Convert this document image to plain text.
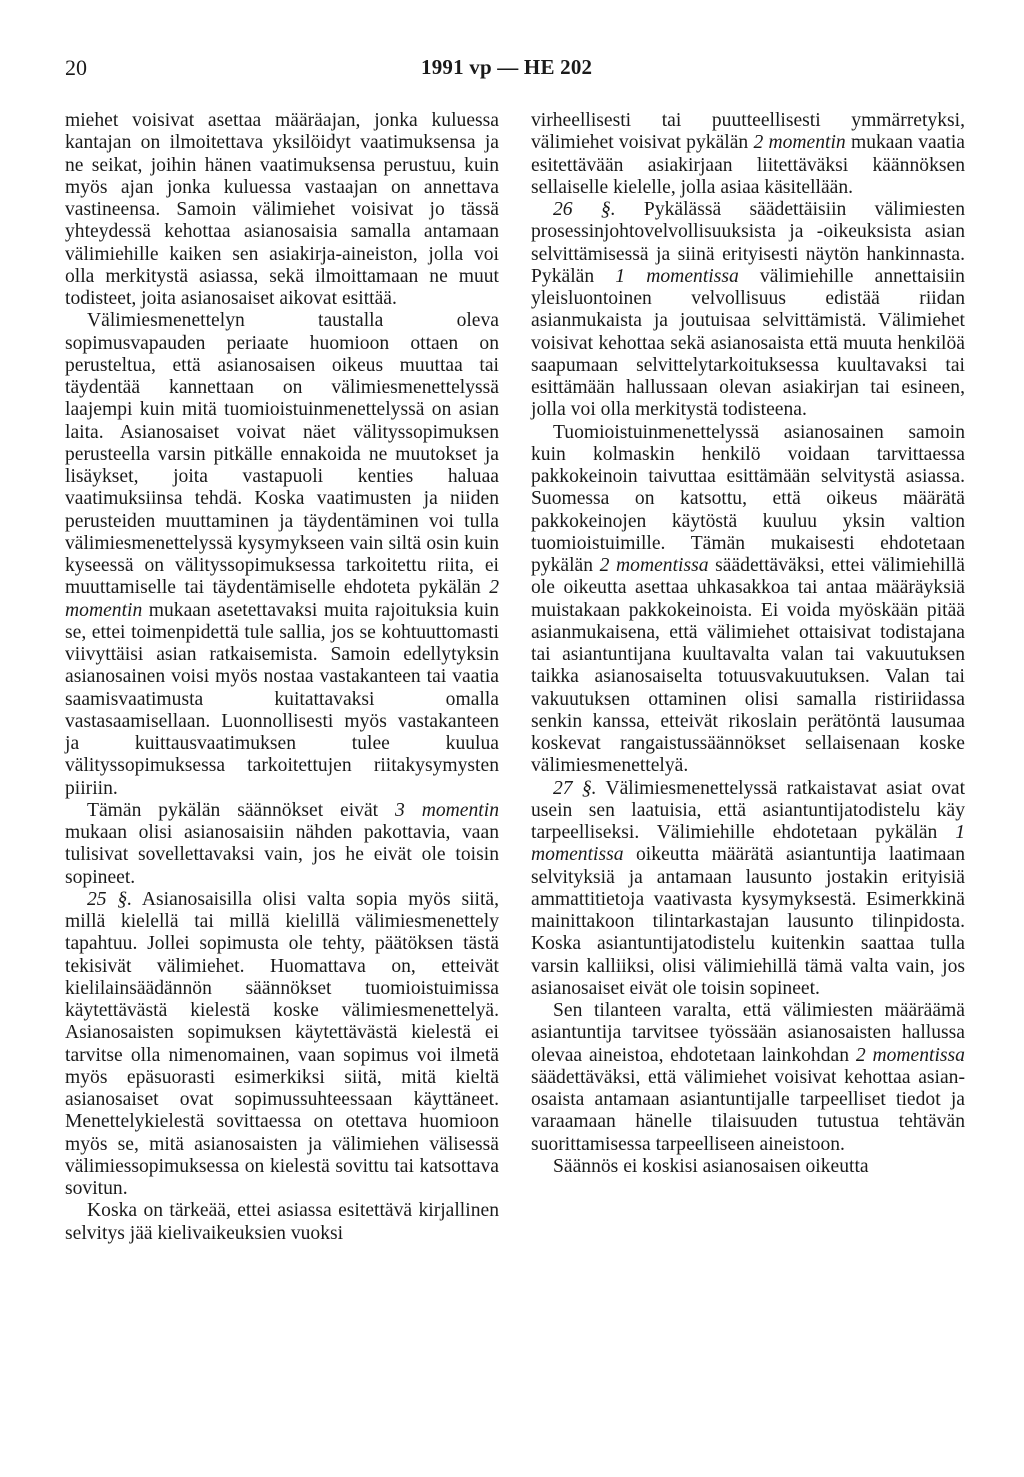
20	1991 vp — HE 202

miehet voisivat asettaa määräajan, jonka kuluessa kantajan on ilmoitettava yksilöidyt vaatimuksensa ja ne seikat, joihin hänen vaatimuksensa perustuu, kuin myös ajan jonka kuluessa vastaajan on annettava vastineensa. Samoin välimiehet voisivat jo tässä yhteydessä kehottaa asianosaisia samalla antamaan välimiehille kaiken sen asiakirja-aineiston, jolla voi olla merkitystä asiassa, sekä ilmoittamaan ne muut todisteet, joita asianosaiset aikovat esittää.

Välimiesmenettelyn taustalla oleva sopimusvapauden periaate huomioon ottaen on perusteltua, että asianosaisen oikeus muuttaa tai täydentää kannettaan on välimiesmenettelyssä laajempi kuin mitä tuomioistuinmenettelyssä on asian laita. Asianosaiset voivat näet välityssopimuksen perusteella varsin pitkälle ennakoida ne muutokset ja lisäykset, joita vastapuoli kenties haluaa vaatimuksiinsa tehdä. Koska vaatimusten ja niiden perusteiden muuttaminen ja täydentäminen voi tulla välimiesmenettelyssä kysymykseen vain siltä osin kuin kyseessä on välityssopimuksessa tarkoitettu riita, ei muuttamiselle tai täydentämiselle ehdoteta pykälän 2 momentin mukaan asetettavaksi muita rajoituksia kuin se, ettei toimenpidettä tule sallia, jos se kohtuuttomasti viivyttäisi asian ratkaisemista. Samoin edellytyksin asianosainen voisi myös nostaa vastakanteen tai vaatia saamisvaatimusta kuitattavaksi omalla vastasaamisellaan. Luonnollisesti myös vastakanteen ja kuittausvaatimuksen tulee kuulua välityssopimuksessa tarkoitettujen riitakysymysten piiriin.

Tämän pykälän säännökset eivät 3 momentin mukaan olisi asianosaisiin nähden pakottavia, vaan tulisivat sovellettavaksi vain, jos he eivät ole toisin sopineet.

25 §. Asianosaisilla olisi valta sopia myös siitä, millä kielellä tai millä kielillä välimiesmenettely tapahtuu. Jollei sopimusta ole tehty, päätöksen tästä tekisivät välimiehet. Huomattava on, etteivät kielilainsäädännön säännökset tuomioistuimissa käytettävästä kielestä koske välimiesmenettelyä. Asianosaisten sopimuksen käytettävästä kielestä ei tarvitse olla nimenomainen, vaan sopimus voi ilmetä myös epäsuorasti esimerkiksi siitä, mitä kieltä asianosaiset ovat sopimussuhteessaan käyttäneet. Menettelykielestä sovittaessa on otettava huomioon myös se, mitä asianosaisten ja välimiehen välisessä välimiessopimuksessa on kielestä sovittu tai katsottava sovitun.

Koska on tärkeää, ettei asiassa esitettävä kirjallinen selvitys jää kielivaikeuksien vuoksi

virheellisesti tai puutteellisesti ymmärretyksi, välimiehet voisivat pykälän 2 momentin mukaan vaatia esitettävään asiakirjaan liitettäväksi käännöksen sellaiselle kielelle, jolla asiaa käsitellään.

26 §. Pykälässä säädettäisiin välimiesten prosessinjohtovelvollisuuksista ja -oikeuksista asian selvittämisessä ja siinä erityisesti näytön hankinnasta. Pykälän 1 momentissa välimiehille annettaisiin yleisluontoinen velvollisuus edistää riidan asianmukaista ja joutuisaa selvittämistä. Välimiehet voisivat kehottaa sekä asianosaista että muuta henkilöä saapumaan selvittelytarkoituksessa kuultavaksi tai esittämään hallussaan olevan asiakirjan tai esineen, jolla voi olla merkitystä todisteena.

Tuomioistuinmenettelyssä asianosainen samoin kuin kolmaskin henkilö voidaan tarvittaessa pakkokeinoin taivuttaa esittämään selvitystä asiassa. Suomessa on katsottu, että oikeus määrätä pakkokeinojen käytöstä kuuluu yksin valtion tuomioistuimille. Tämän mukaisesti ehdotetaan pykälän 2 momentissa säädettäväksi, ettei välimiehillä ole oikeutta asettaa uhkasakkoa tai antaa määräyksiä muistakaan pakkokeinoista. Ei voida myöskään pitää asianmukaisena, että välimiehet ottaisivat todistajana tai asiantuntijana kuultavalta valan tai vakuutuksen taikka asianosaiselta totuusvakuutuksen. Valan tai vakuutuksen ottaminen olisi samalla ristiriidassa senkin kanssa, etteivät rikoslain perätöntä lausumaa koskevat rangaistussäännökset sellaisenaan koske välimiesmenettelyä.

27 §. Välimiesmenettelyssä ratkaistavat asiat ovat usein sen laatuisia, että asiantuntijatodistelu käy tarpeelliseksi. Välimiehille ehdotetaan pykälän 1 momentissa oikeutta määrätä asiantuntija laatimaan selvityksiä ja antamaan lausunto jostakin erityisiä ammattitietoja vaativasta kysymyksestä. Esimerkkinä mainittakoon tilintarkastajan lausunto tilinpidosta. Koska asiantuntijatodistelu kuitenkin saattaa tulla varsin kalliiksi, olisi välimiehillä tämä valta vain, jos asianosaiset eivät ole toisin sopineet.

Sen tilanteen varalta, että välimiesten määräämä asiantuntija tarvitsee työssään asianosaisten hallussa olevaa aineistoa, ehdotetaan lainkohdan 2 momentissa säädettäväksi, että välimiehet voisivat kehottaa asian- osaista antamaan asiantuntijalle tarpeelliset tiedot ja varaamaan hänelle tilaisuuden tutustua tehtävän suorittamisessa tarpeelliseen aineistoon.

Säännös ei koskisi asianosaisen oikeutta
